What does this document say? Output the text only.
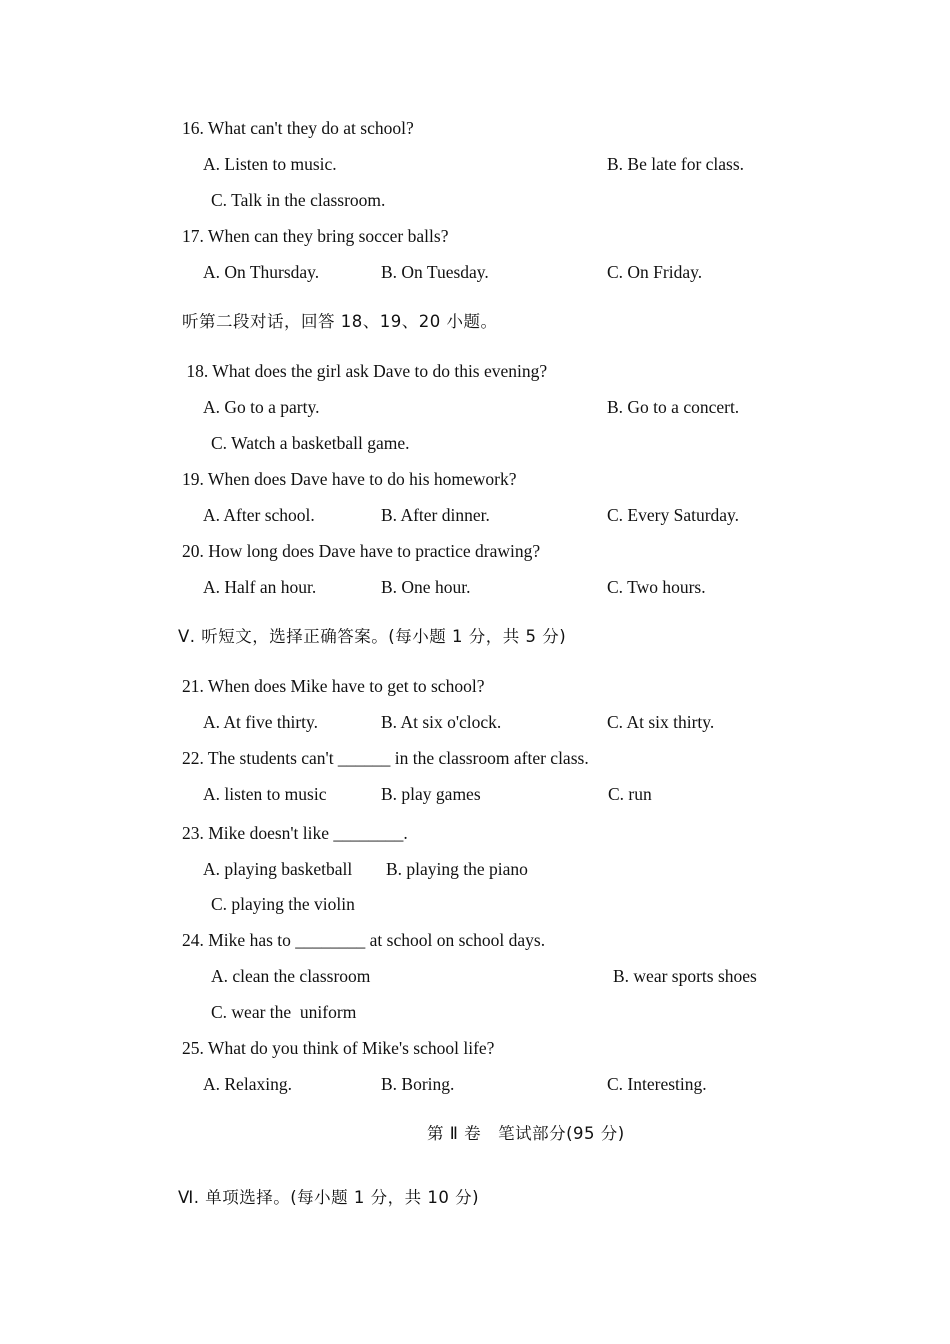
16. What can't they do at school?
A. Listen to music.	B. Be late for class.
C. Talk in the classroom.
17. When can they bring soccer balls?
A. On Thursday.	B. On Tuesday.	C. On Friday.
听第二段对话，回答 18、19、20 小题。
18. What does the girl ask Dave to do this evening?
A. Go to a party.	B. Go to a concert.
C. Watch a basketball game.
19. When does Dave have to do his homework?
A. After school.	B. After dinner.	C. Every Saturday.
20. How long does Dave have to practice drawing?
A. Half an hour.	B. One hour.	C. Two hours.
Ⅴ. 听短文，选择正确答案。(每小题 1 分，共 5 分)
21. When does Mike have to get to school?
A. At five thirty.	B. At six o'clock.	C. At six thirty.
22. The students can't ______ in the classroom after class.
A. listen to music	B. play games	C. run
23. Mike doesn't like ________.
A. playing basketball B. playing the piano
C. playing the violin
24. Mike has to ________ at school on school days.
A. clean the classroom	B. wear sports shoes
C. wear the  uniform
25. What do you think of Mike's school life?
A. Relaxing.	B. Boring.	C. Interesting.
第 Ⅱ 卷　笔试部分(95 分)
Ⅵ. 单项选择。(每小题 1 分，共 10 分)
